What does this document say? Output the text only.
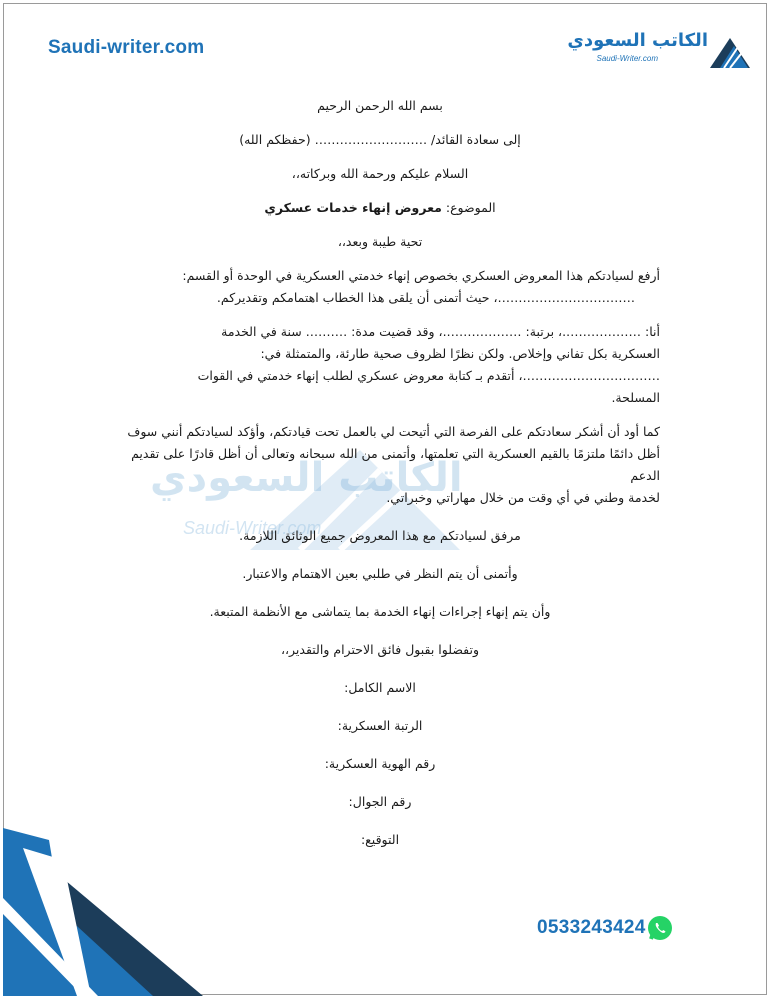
Saudi-writer.com	الكاتب السعودي
Saudi-Writer.com
الكاتب السعودي
Saudi-Writer.com

بسم الله الرحمن الرحيم

إلى سعادة القائد/ ……………………… (حفظكم الله)

السلام عليكم ورحمة الله وبركاته،،

الموضوع: معروض إنهاء خدمات عسكري

تحية طيبة وبعد،،

أرفع لسيادتكم هذا المعروض العسكري بخصوص إنهاء خدمتي العسكرية في الوحدة أو القسم:

……………………………، حيث أتمنى أن يلقى هذا الخطاب اهتمامكم وتقديركم.

أنا: ……………….، برتبة: ……………….، وقد قضيت مدة: ………. سنة في الخدمة

العسكرية بكل تفاني وإخلاص. ولكن نظرًا لظروف صحية طارئة، والمتمثلة في:

……………………………، أتقدم بـ كتابة معروض عسكري لطلب إنهاء خدمتي في القوات

المسلحة.

كما أود أن أشكر سعادتكم على الفرصة التي أتيحت لي بالعمل تحت قيادتكم، وأؤكد لسيادتكم أنني سوف

أظل دائمًا ملتزمًا بالقيم العسكرية التي تعلمتها، وأتمنى من الله سبحانه وتعالى أن أظل قادرًا على تقديم الدعم

لخدمة وطني في أي وقت من خلال مهاراتي وخبراتي.

مرفق لسيادتكم مع هذا المعروض جميع الوثائق اللازمة.

وأتمنى أن يتم النظر في طلبي بعين الاهتمام والاعتبار.

وأن يتم إنهاء إجراءات إنهاء الخدمة بما يتماشى مع الأنظمة المتبعة.

وتفضلوا بقبول فائق الاحترام والتقدير،،

الاسم الكامل:

الرتبة العسكرية:

رقم الهوية العسكرية:

رقم الجوال:

التوقيع:

0533243424
